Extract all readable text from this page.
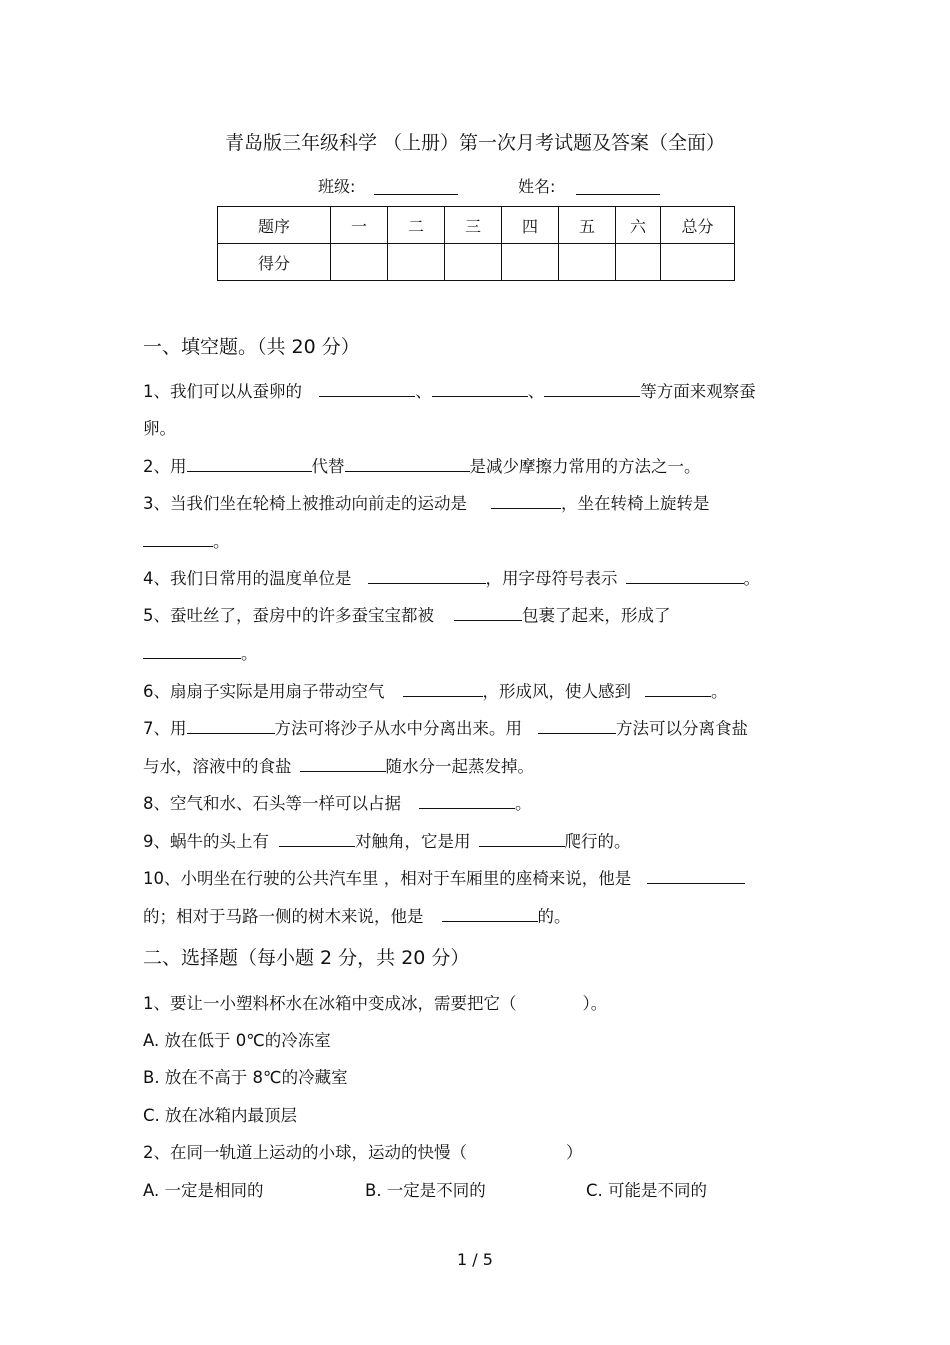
青岛版三年级科学 （上册）第一次月考试题及答案（全面）
班级:	姓名:
题序	一	二	三	四	五	六	总分
得分							
一、填空题。（共 20 分）
1、我们可以从蚕卵的	、	、	等方面来观察蚕
卵。
2、用	代替	是减少摩擦力常用的方法之一。
3、当我们坐在轮椅上被推动向前走的运动是	，坐在转椅上旋转是
。
4、我们日常用的温度单位是	，用字母符号表示	。
5、蚕吐丝了，蚕房中的许多蚕宝宝都被	包裹了起来，形成了
。
6、扇扇子实际是用扇子带动空气	，形成风，使人感到	。
7、用	方法可将沙子从水中分离出来。用	方法可以分离食盐
与水，溶液中的食盐	随水分一起蒸发掉。
8、空气和水、石头等一样可以占据	。
9、蜗牛的头上有	对触角，它是用	爬行的。
10、小明坐在行驶的公共汽车里 ，相对于车厢里的座椅来说，他是
的；相对于马路一侧的树木来说，他是	的。
二、选择题（每小题 2 分，共 20 分）
1、要让一小塑料杯水在冰箱中变成冰，需要把它（　　　　）。
A. 放在低于 0℃的冷冻室
B. 放在不高于 8℃的冷藏室
C. 放在冰箱内最顶层
2、在同一轨道上运动的小球，运动的快慢（　　　　　　）
A. 一定是相同的	B. 一定是不同的	C. 可能是不同的
1 / 5
